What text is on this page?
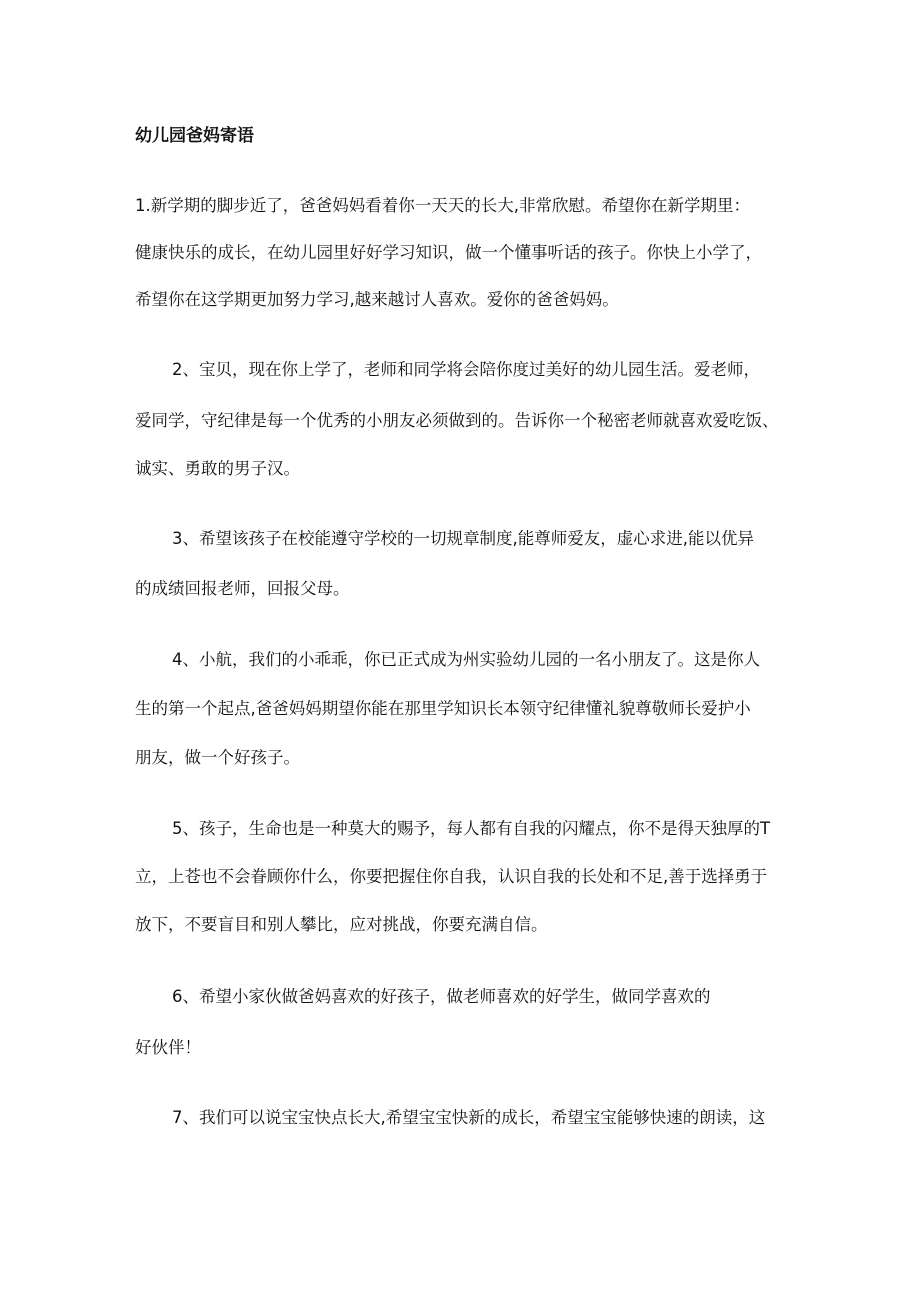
幼儿园爸妈寄语
1.新学期的脚步近了，爸爸妈妈看着你一天天的长大,非常欣慰。希望你在新学期里：
健康快乐的成长，在幼儿园里好好学习知识，做一个懂事听话的孩子。你快上小学了，
希望你在这学期更加努力学习,越来越讨人喜欢。爱你的爸爸妈妈。
2、宝贝，现在你上学了，老师和同学将会陪你度过美好的幼儿园生活。爱老师，
爱同学，守纪律是每一个优秀的小朋友必须做到的。告诉你一个秘密老师就喜欢爱吃饭、
诚实、勇敢的男子汉。
3、希望该孩子在校能遵守学校的一切规章制度,能尊师爱友，虚心求进,能以优异
的成绩回报老师，回报父母。
4、小航，我们的小乖乖，你已正式成为州实验幼儿园的一名小朋友了。这是你人
生的第一个起点,爸爸妈妈期望你能在那里学知识长本领守纪律懂礼貌尊敬师长爱护小
朋友，做一个好孩子。
5、孩子，生命也是一种莫大的赐予，每人都有自我的闪耀点，你不是得天独厚的T
立，上苍也不会眷顾你什么，你要把握住你自我，认识自我的长处和不足,善于选择勇于
放下，不要盲目和别人攀比，应对挑战，你要充满自信。
6、希望小家伙做爸妈喜欢的好孩子，做老师喜欢的好学生，做同学喜欢的
好伙伴！
7、我们可以说宝宝快点长大,希望宝宝快新的成长，希望宝宝能够快速的朗读，这
